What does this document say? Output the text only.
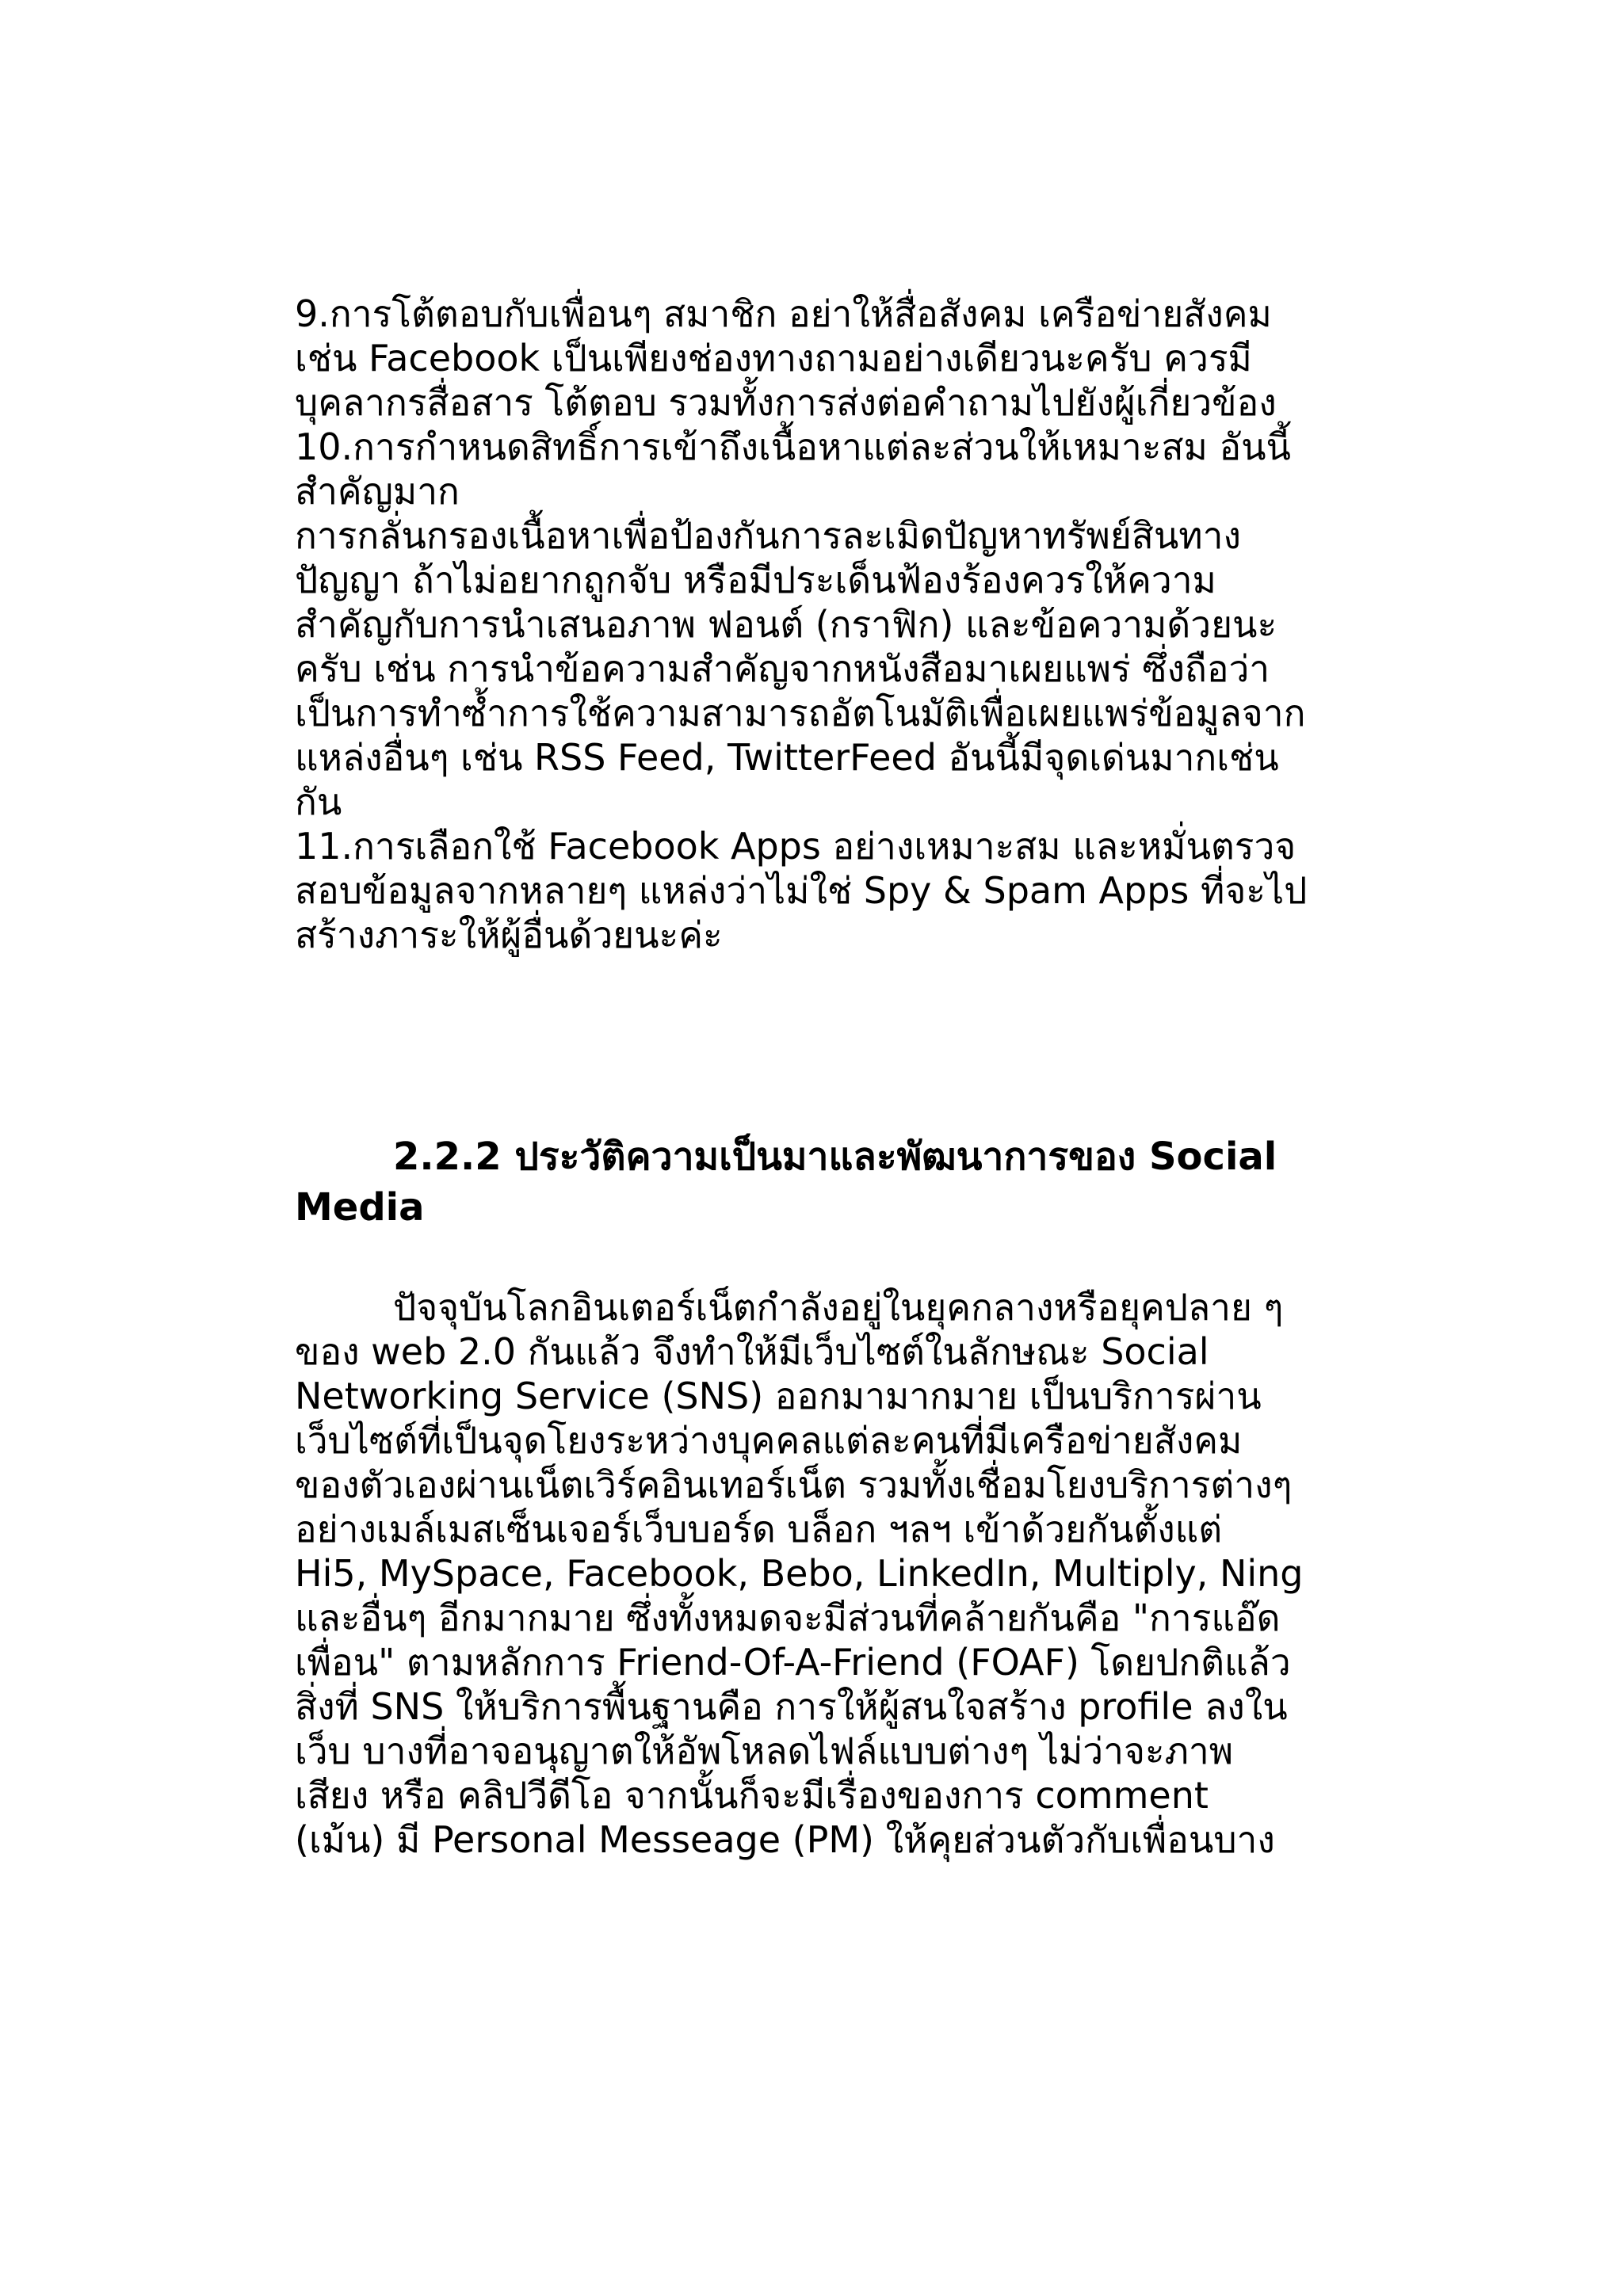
9.การโต้ตอบกับเพื่อนๆ สมาชิก อย่าให้สื่อสังคม เครือข่ายสังคม
เช่น Facebook เป็นเพียงช่องทางถามอย่างเดียวนะครับ ควรมี
บุคลากรสื่อสาร โต้ตอบ รวมทั้งการส่งต่อคำถามไปยังผู้เกี่ยวข้อง
10.การกำหนดสิทธิ์การเข้าถึงเนื้อหาแต่ละส่วนให้เหมาะสม อันนี้
สำคัญมาก
การกลั่นกรองเนื้อหาเพื่อป้องกันการละเมิดปัญหาทรัพย์สินทาง
ปัญญา ถ้าไม่อยากถูกจับ หรือมีประเด็นฟ้องร้องควรให้ความ
สำคัญกับการนำเสนอภาพ ฟอนต์ (กราฟิก) และข้อความด้วยนะ
ครับ เช่น การนำข้อความสำคัญจากหนังสือมาเผยแพร่ ซึ่งถือว่า
เป็นการทำซ้ำการใช้ความสามารถอัตโนมัติเพื่อเผยแพร่ข้อมูลจาก
แหล่งอื่นๆ เช่น RSS Feed, TwitterFeed อันนี้มีจุดเด่นมากเช่น
กัน
11.การเลือกใช้ Facebook Apps อย่างเหมาะสม และหมั่นตรวจ
สอบข้อมูลจากหลายๆ แหล่งว่าไม่ใช่ Spy & Spam Apps ที่จะไป
สร้างภาระให้ผู้อื่นด้วยนะค่ะ
2.2.2 ประวัติความเป็นมาและพัฒนาการของ Social
Media
ปัจจุบันโลกอินเตอร์เน็ตกำลังอยู่ในยุคกลางหรือยุคปลาย ๆ
ของ web 2.0 กันแล้ว จึงทำให้มีเว็บไซต์ในลักษณะ Social
Networking Service (SNS) ออกมามากมาย เป็นบริการผ่าน
เว็บไซต์ที่เป็นจุดโยงระหว่างบุคคลแต่ละคนที่มีเครือข่ายสังคม
ของตัวเองผ่านเน็ตเวิร์คอินเทอร์เน็ต รวมทั้งเชื่อมโยงบริการต่างๆ
อย่างเมล์เมสเซ็นเจอร์เว็บบอร์ด บล็อก ฯลฯ เข้าด้วยกันตั้งแต่
Hi5, MySpace, Facebook, Bebo, LinkedIn, Multiply, Ning
และอื่นๆ อีกมากมาย ซึ่งทั้งหมดจะมีส่วนที่คล้ายกันคือ "การแอ๊ด
เพื่อน" ตามหลักการ Friend-Of-A-Friend (FOAF) โดยปกติแล้ว
สิ่งที่ SNS ให้บริการพื้นฐานคือ การให้ผู้สนใจสร้าง profile ลงใน
เว็บ บางที่อาจอนุญาตให้อัพโหลดไฟล์แบบต่างๆ ไม่ว่าจะภาพ
เสียง หรือ คลิปวีดีโอ จากนั้นก็จะมีเรื่องของการ comment
(เม้น) มี Personal Messeage (PM) ให้คุยส่วนตัวกับเพื่อนบาง
